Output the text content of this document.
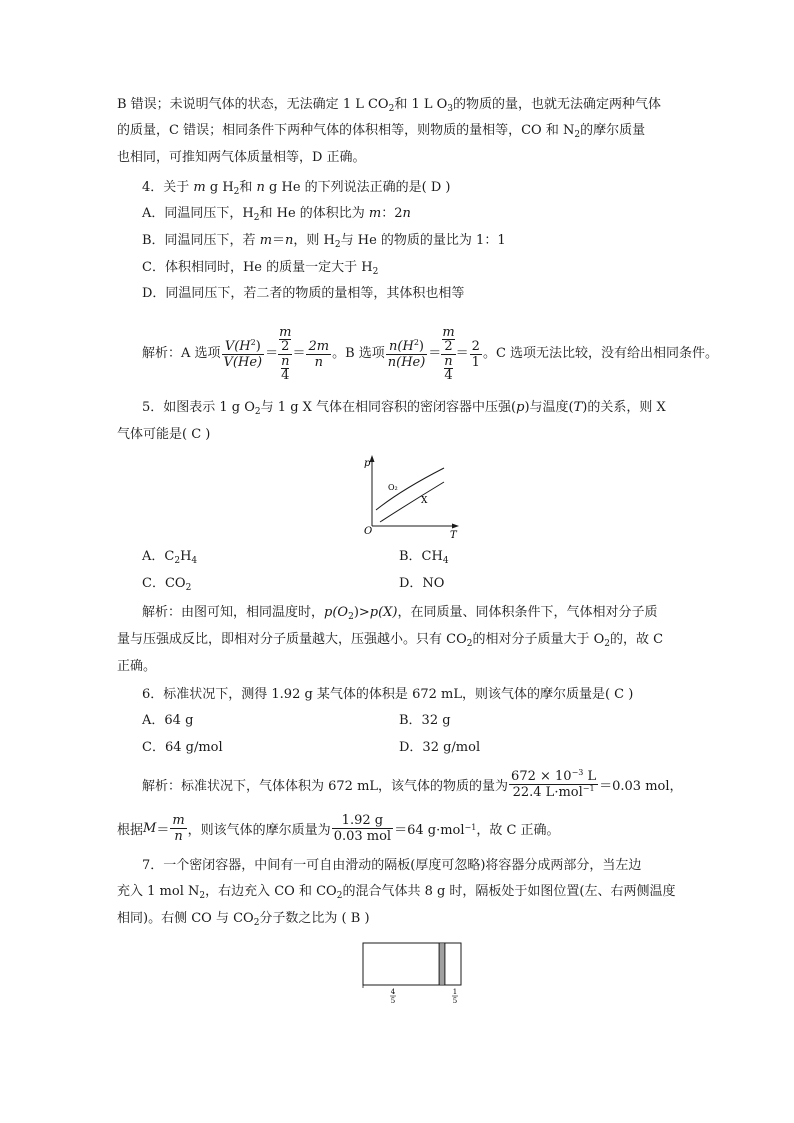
B 错误；未说明气体的状态，无法确定 1 L $CO_2$和 1 L $O_3$的物质的量，也就无法确定两种气体
的质量，C 错误；相同条件下两种气体的体积相等，则物质的量相等，CO 和 $N_2$的摩尔质量
也相同，可推知两气体质量相等，D 正确。
4．关于 m g $H_2$和 n g He 的下列说法正确的是( D )
A．同温同压下，$H_2$和 He 的体积比为 m：2n
B．同温同压下，若 m＝n，则 $H_2$与 He 的物质的量比为 1：1
C．体积相同时，He 的质量一定大于 $H_2$
D．同温同压下，若二者的物质的量相等，其体积也相等
解析：A 选项 $\frac{V(H^2)}{V(He)} = \frac{\frac{m}{2}}{\frac{n}{4}} = \frac{2m}{n}$ 。B 选项 $\frac{n(H^2)}{n(He)} = \frac{\frac{m}{2}}{\frac{n}{4}} = \frac{2}{1}$ 。C 选项无法比较，没有给出相同条件。
5．如图表示 1 g $O_2$与 1 g X 气体在相同容积的密闭容器中压强(p)与温度(T)的关系，则 X
气体可能是( C )
p
T
O
O₂
X
A．$C_2H_4$	B．$CH_4$
C．$CO_2$	D．NO
解析：由图可知，相同温度时，$p(O_2)>p(X)$，在同质量、同体积条件下，气体相对分子质
量与压强成反比，即相对分子质量越大，压强越小。只有 $CO_2$的相对分子质量大于 $O_2$的，故 C
正确。
6．标准状况下，测得 1.92 g 某气体的体积是 672 mL，则该气体的摩尔质量是( C )
A．64 g	B．32 g
C．64 g/mol	D．32 g/mol
解析：标准状况下，气体体积为 672 mL，该气体的物质的量为 $\frac{672 \times 10^{-3} L}{22.4 L\cdot mol^{-1}} =0.03$ mol，
根据 $M = \frac{m}{n}$ ，则该气体的摩尔质量为 $\frac{1.92 g}{\text{0.03 mol}} =64$ g·mol −1 ，故 C 正确。
7．一个密闭容器，中间有一可自由滑动的隔板(厚度可忽略)将容器分成两部分，当左边
充入 1 mol $N_2$，右边充入 CO 和 $CO_2$的混合气体共 8 g 时，隔板处于如图位置(左、右两侧温度
相同)。右侧 CO 与 $CO_2$分子数之比为 ( B )
4
5
1
5
